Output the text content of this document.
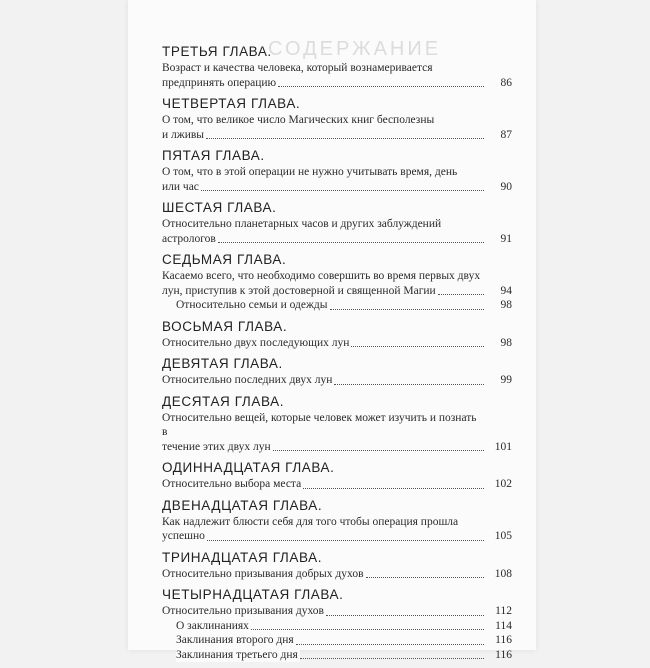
СОДЕРЖАНИЕ
ТРЕТЬЯ ГЛАВА.
Возраст и качества человека, который вознамеривается
предпринять операцию	86
ЧЕТВЕРТАЯ ГЛАВА.
О том, что великое число Магических книг бесполезны
и лживы	87
ПЯТАЯ ГЛАВА.
О том, что в этой операции не нужно учитывать время, день
или час	90
ШЕСТАЯ ГЛАВА.
Относительно планетарных часов и других заблуждений
астрологов	91
СЕДЬМАЯ ГЛАВА.
Касаемо всего, что необходимо совершить во время первых двух
лун, приступив к этой достоверной и священной Магии	94
Относительно семьи и одежды	98
ВОСЬМАЯ ГЛАВА.
Относительно двух последующих лун	98
ДЕВЯТАЯ ГЛАВА.
Относительно последних двух лун	99
ДЕСЯТАЯ ГЛАВА.
Относительно вещей, которые человек может изучить и познать в
течение этих двух лун	101
ОДИННАДЦАТАЯ ГЛАВА.
Относительно выбора места	102
ДВЕНАДЦАТАЯ ГЛАВА.
Как надлежит блюсти себя для того чтобы операция прошла
успешно	105
ТРИНАДЦАТАЯ ГЛАВА.
Относительно призывания добрых духов	108
ЧЕТЫРНАДЦАТАЯ ГЛАВА.
Относительно призывания духов	112
О заклинаниях	114
Заклинания второго дня	116
Заклинания третьего дня	116
